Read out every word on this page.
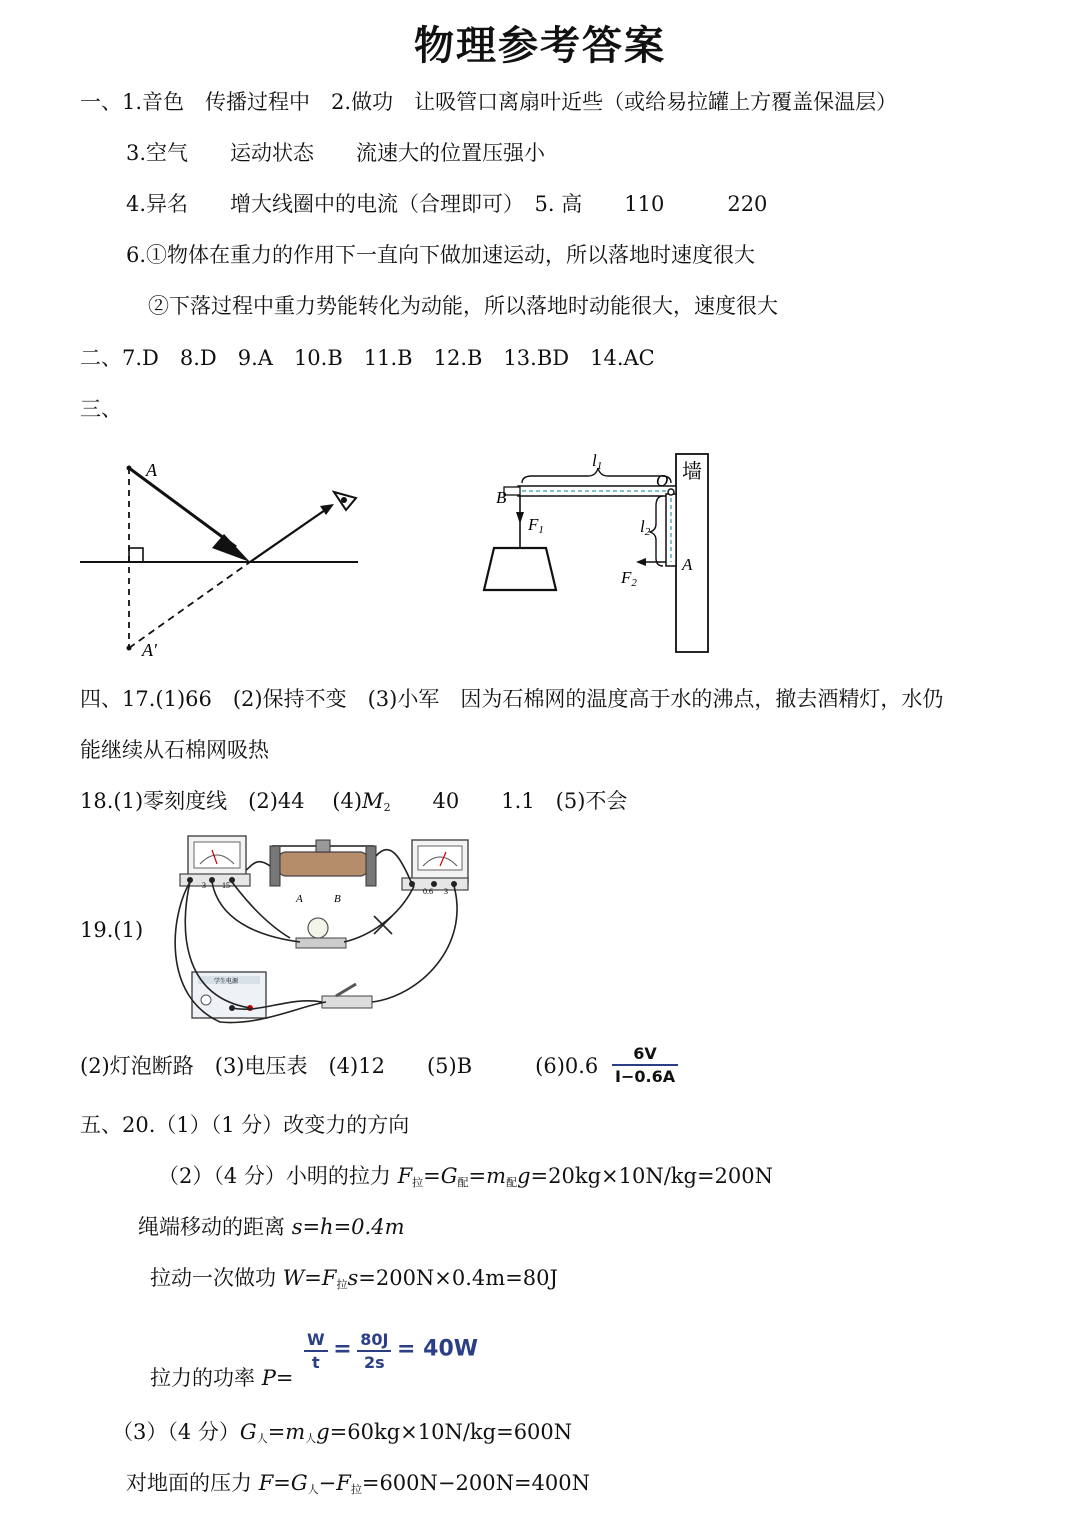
物理参考答案
一、1.音色　传播过程中　2.做功　让吸管口离扇叶近些（或给易拉罐上方覆盖保温层）
3.空气　　运动状态　　流速大的位置压强小
4.异名　　增大线圈中的电流（合理即可）　5. 高　　110　　　220
6.①物体在重力的作用下一直向下做加速运动，所以落地时速度很大
②下落过程中重力势能转化为动能，所以落地时动能很大，速度很大
二、7.D　8.D　9.A　10.B　11.B　12.B　13.BD　14.AC
三、
A
A′
墙
l1
l2
F1
F2
B
O
A
四、17.(1)66　(2)保持不变　(3)小军　因为石棉网的温度高于水的沸点，撤去酒精灯，水仍
能继续从石棉网吸热
18.(1)零刻度线　(2)44　 $(4)M_2$　　40　　1.1　(5)不会
19.(1)
3 15
A	B
0.6 3
学生电源
(2)灯泡断路　(3)电压表　(4)12　　(5)B　　　$(6)0.6 \frac{6V}{I-0.6A}$
五、20.（1）（1 分）改变力的方向
（2）（4 分）小明的拉力 $F_拉=G_配=m_配g=20kg\times 10N/kg=200N$
绳端移动的距离 s=h=0.4m
拉动一次做功 $W=F_拉s=200N\times 0.4m=80J$
拉力的功率 P=
$\frac{W}{t} = \frac{80J}{2s} = 40W$
（3）（4 分）$G_人=m_人g=60kg\times 10N/kg=600N$
对地面的压力 $F=G_人-F_拉=600N-200N=400N$
